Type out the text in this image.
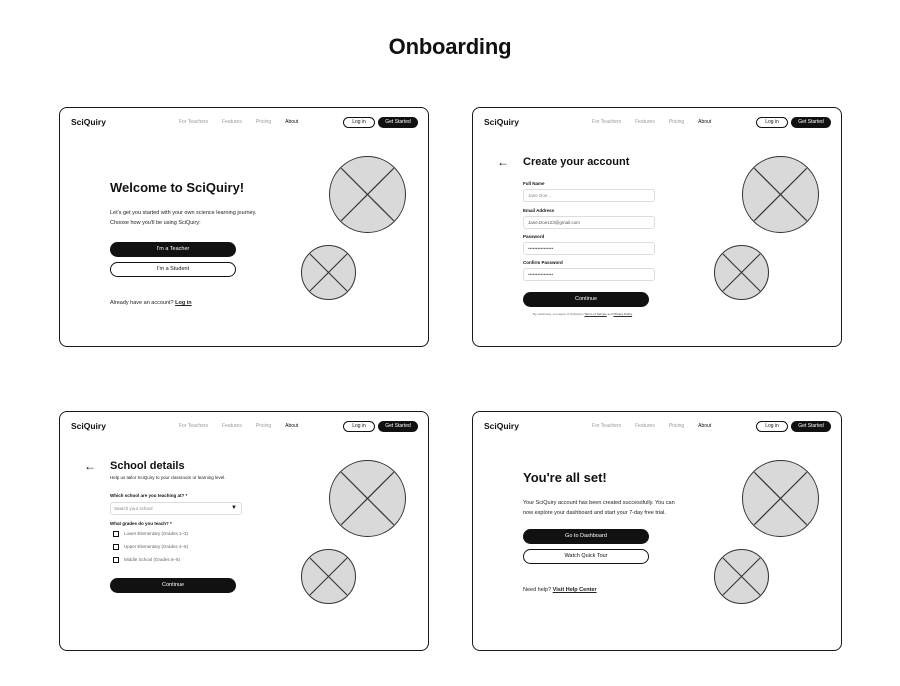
Onboarding
SciQuiry	For Teachers	Features	Pricing	About	Log in	Get Started
Welcome to SciQuiry!
Let's get you started with your own science learning journey.
Choose how you'll be using SciQuiry:
I'm a Teacher
I'm a Student
Already have an account? Log in
SciQuiry	For Teachers	Features	Pricing	About	Log in	Get Started
← Create your account
Full Name
Jane Doe...
Email Address
Jane.Doe123@gmail.com
Password
••••••••••••••••
Confirm Password
••••••••••••••••
Continue
By continuing, you agree to SciQuiry's Terms of Service and Privacy Policy
SciQuiry	For Teachers	Features	Pricing	About	Log in	Get Started
← School details
Help us tailor SciQuiry to your classroom or learning level.
Which school are you teaching at? *
Search your school	▼
What grades do you teach? *
Lower Elementary (Grades 1–3)
Upper Elementary (Grades 4–5)
Middle School (Grades 6–8)
Continue
SciQuiry	For Teachers	Features	Pricing	About	Log in	Get Started
You're all set!
Your SciQuiry account has been created successfully. You can
now explore your dashboard and start your 7-day free trial.
Go to Dashboard
Watch Quick Tour
Need help? Visit Help Center
